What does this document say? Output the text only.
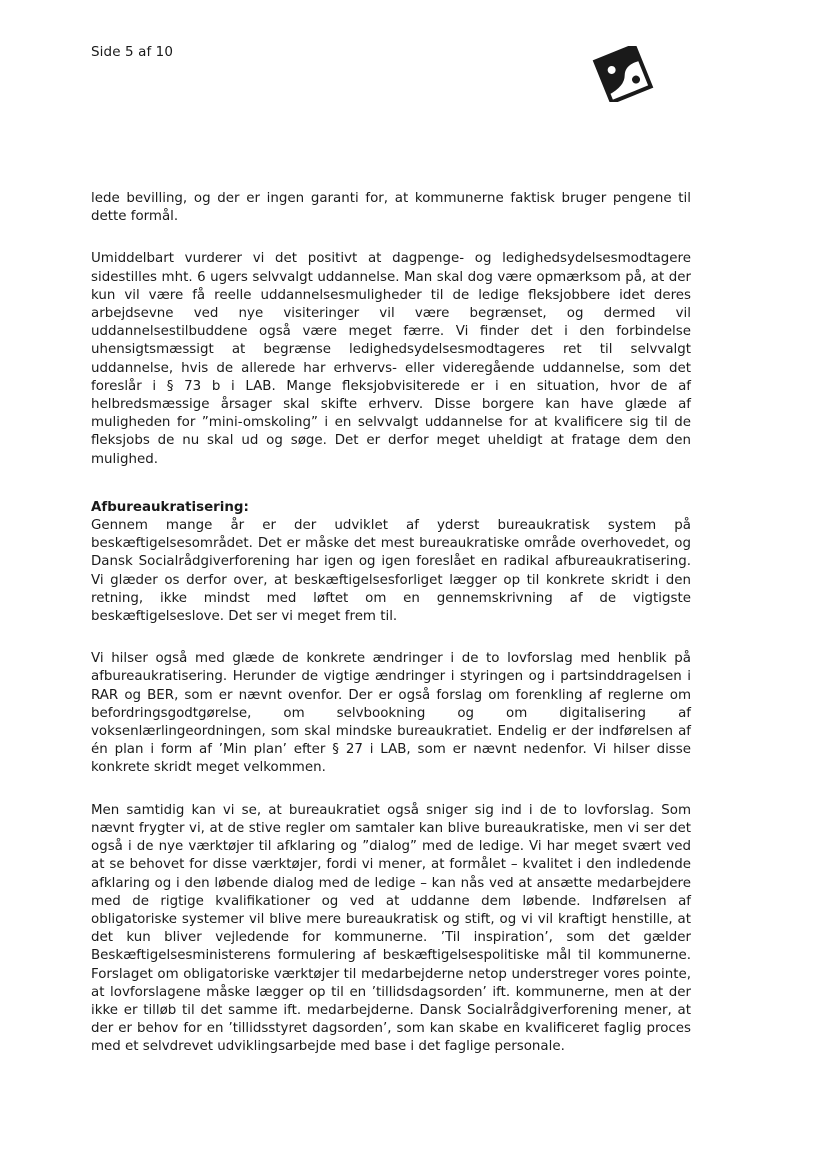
Side 5 af 10

lede bevilling, og der er ingen garanti for, at kommunerne faktisk bruger pengene til dette formål.

Umiddelbart vurderer vi det positivt at dagpenge- og ledighedsydelsesmodtagere sidestilles mht. 6 ugers selvvalgt uddannelse. Man skal dog være opmærksom på, at der kun vil være få reelle uddannelsesmuligheder til de ledige fleksjobbere idet deres arbejdsevne ved nye visiteringer vil være begrænset, og dermed vil uddannelsestilbuddene også være meget færre. Vi finder det i den forbindelse uhensigtsmæssigt at begrænse ledighedsydelsesmodtageres ret til selvvalgt uddannelse, hvis de allerede har erhvervs- eller videregående uddannelse, som det foreslår i § 73 b i LAB. Mange fleksjobvisiterede er i en situation, hvor de af helbredsmæssige årsager skal skifte erhverv. Disse borgere kan have glæde af muligheden for ”mini-omskoling” i en selvvalgt uddannelse for at kvalificere sig til de fleksjobs de nu skal ud og søge. Det er derfor meget uheldigt at fratage dem den mulighed.

Afbureaukratisering:

Gennem mange år er der udviklet af yderst bureaukratisk system på beskæftigelsesområdet. Det er måske det mest bureaukratiske område overhovedet, og Dansk Socialrådgiverforening har igen og igen foreslået en radikal afbureaukratisering. Vi glæder os derfor over, at beskæftigelsesforliget lægger op til konkrete skridt i den retning, ikke mindst med løftet om en gennemskrivning af de vigtigste beskæftigelseslove. Det ser vi meget frem til.

Vi hilser også med glæde de konkrete ændringer i de to lovforslag med henblik på afbureaukratisering. Herunder de vigtige ændringer i styringen og i partsinddragelsen i RAR og BER, som er nævnt ovenfor. Der er også forslag om forenkling af reglerne om befordringsgodtgørelse, om selvbookning og om digitalisering af voksenlærlingeordningen, som skal mindske bureaukratiet. Endelig er der indførelsen af én plan i form af ’Min plan’ efter § 27 i LAB, som er nævnt nedenfor. Vi hilser disse konkrete skridt meget velkommen.

Men samtidig kan vi se, at bureaukratiet også sniger sig ind i de to lovforslag. Som nævnt frygter vi, at de stive regler om samtaler kan blive bureaukratiske, men vi ser det også i de nye værktøjer til afklaring og ”dialog” med de ledige. Vi har meget svært ved at se behovet for disse værktøjer, fordi vi mener, at formålet – kvalitet i den indledende afklaring og i den løbende dialog med de ledige – kan nås ved at ansætte medarbejdere med de rigtige kvalifikationer og ved at uddanne dem løbende. Indførelsen af obligatoriske systemer vil blive mere bureaukratisk og stift, og vi vil kraftigt henstille, at det kun bliver vejledende for kommunerne. ’Til inspiration’, som det gælder Beskæftigelsesministerens formulering af beskæftigelsespolitiske mål til kommunerne. Forslaget om obligatoriske værktøjer til medarbejderne netop understreger vores pointe, at lovforslagene måske lægger op til en ’tillidsdagsorden’ ift. kommunerne, men at der ikke er tilløb til det samme ift. medarbejderne. Dansk Socialrådgiverforening mener, at der er behov for en ’tillidsstyret dagsorden’, som kan skabe en kvalificeret faglig proces med et selvdrevet udviklingsarbejde med base i det faglige personale.
